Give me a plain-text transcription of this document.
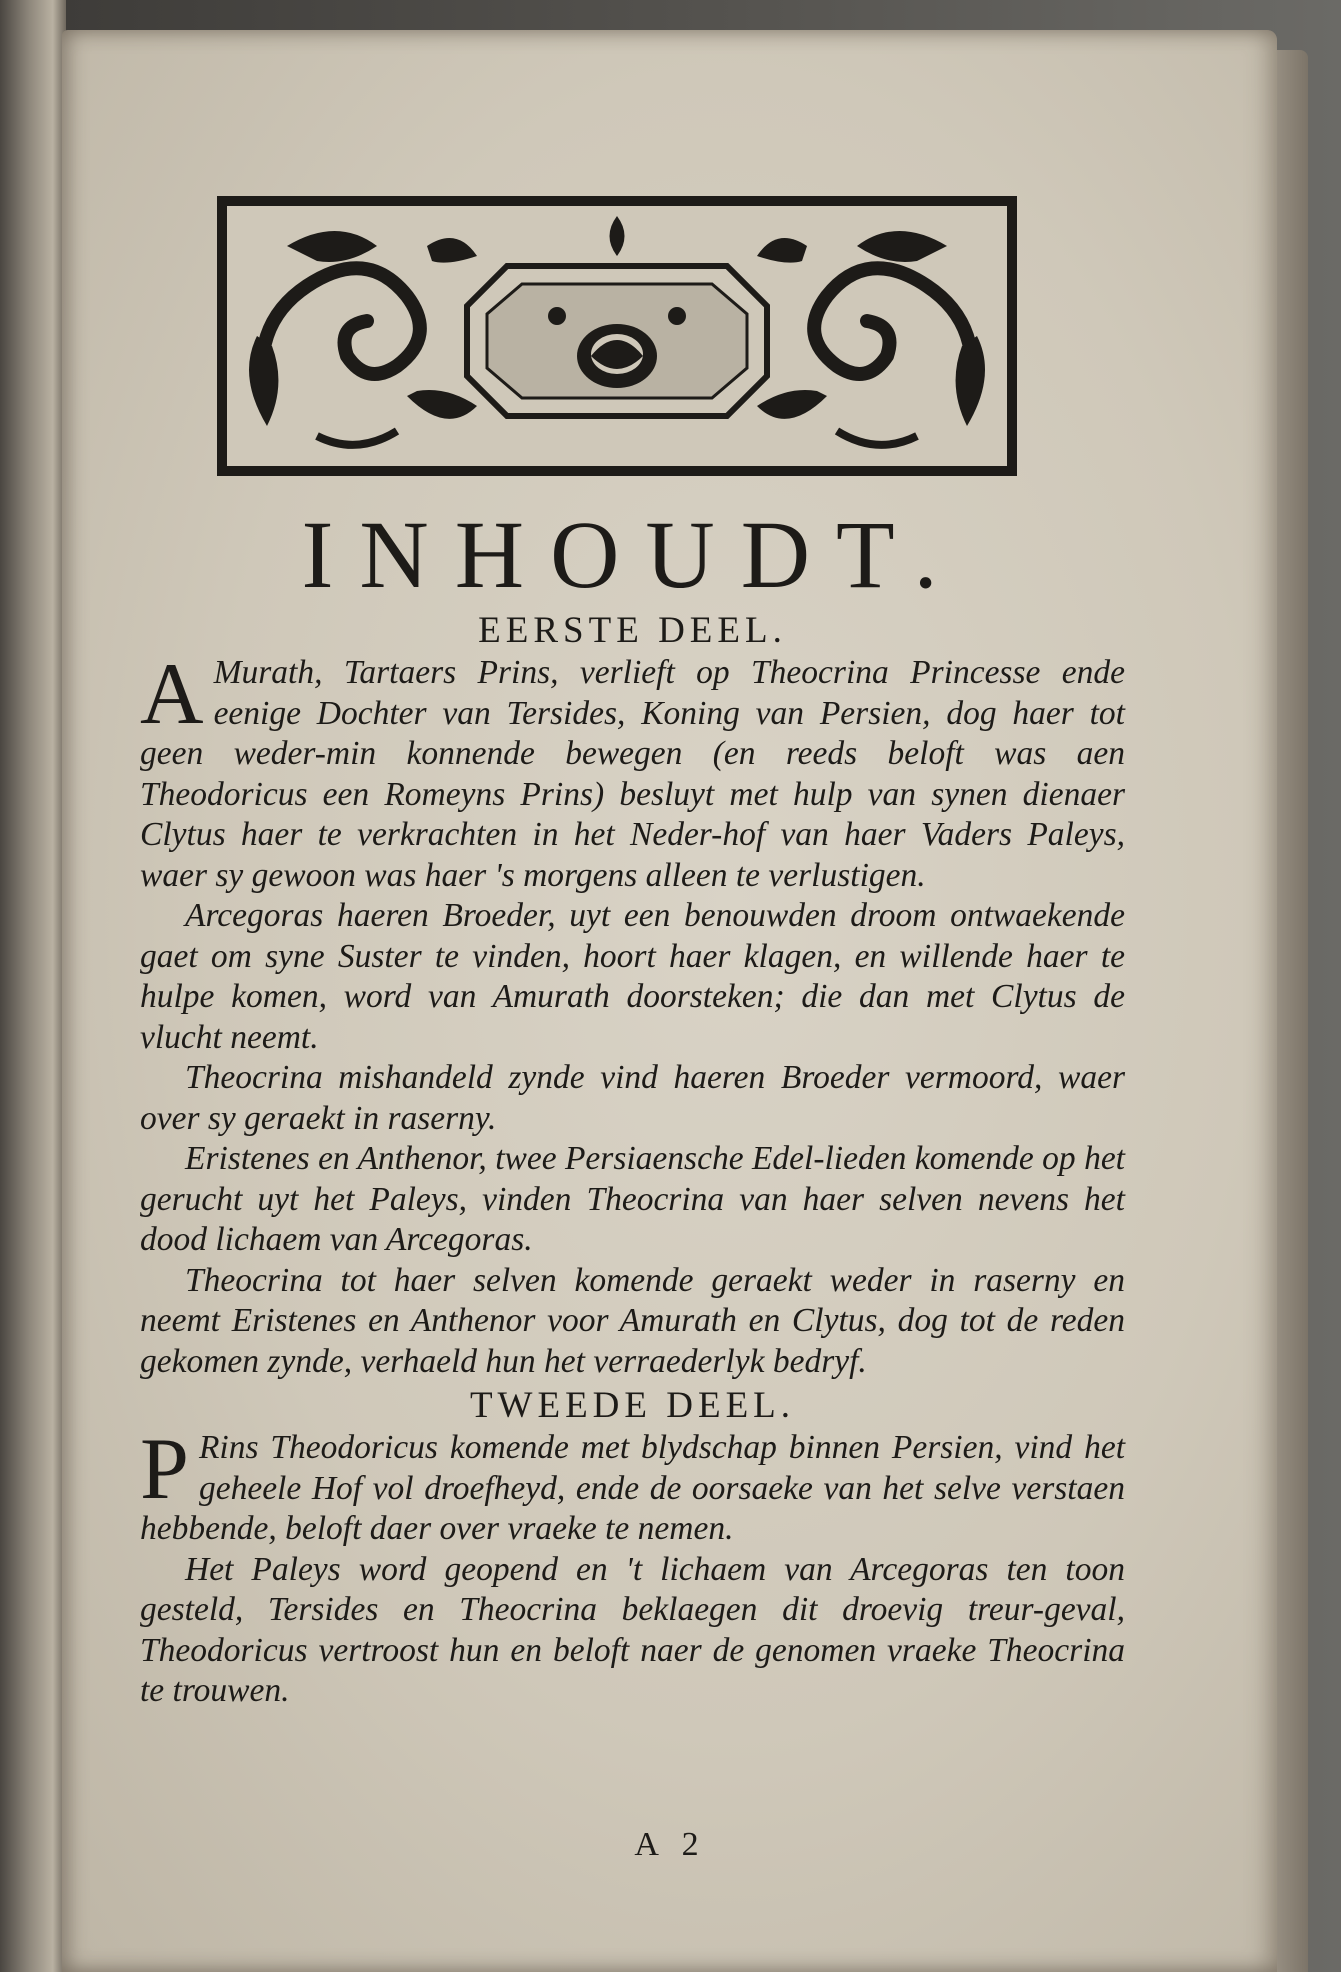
INHOUDT.
EERSTE DEEL.

A Murath, Tartaers Prins, verlieft op Theocrina Princesse ende eenige Dochter van Tersides, Koning van Persien, dog haer tot geen weder-min konnende bewegen (en reeds beloft was aen Theodoricus een Romeyns Prins) besluyt met hulp van synen dienaer Clytus haer te verkrachten in het Neder-hof van haer Vaders Paleys, waer sy gewoon was haer 's morgens alleen te verlustigen.

Arcegoras haeren Broeder, uyt een benouwden droom ontwaekende gaet om syne Suster te vinden, hoort haer klagen, en willende haer te hulpe komen, word van Amurath doorsteken; die dan met Clytus de vlucht neemt.

Theocrina mishandeld zynde vind haeren Broeder vermoord, waer over sy geraekt in raserny.

Eristenes en Anthenor, twee Persiaensche Edel-lieden komende op het gerucht uyt het Paleys, vinden Theocrina van haer selven nevens het dood lichaem van Arcegoras.

Theocrina tot haer selven komende geraekt weder in raserny en neemt Eristenes en Anthenor voor Amurath en Clytus, dog tot de reden gekomen zynde, verhaeld hun het verraederlyk bedryf.

TWEEDE DEEL.

P Rins Theodoricus komende met blydschap binnen Persien, vind het geheele Hof vol droefheyd, ende de oorsaeke van het selve verstaen hebbende, beloft daer over vraeke te nemen.

Het Paleys word geopend en 't lichaem van Arcegoras ten toon gesteld, Tersides en Theocrina beklaegen dit droevig treur-geval, Theodoricus vertroost hun en beloft naer de genomen vraeke Theocrina te trouwen.

A 2
